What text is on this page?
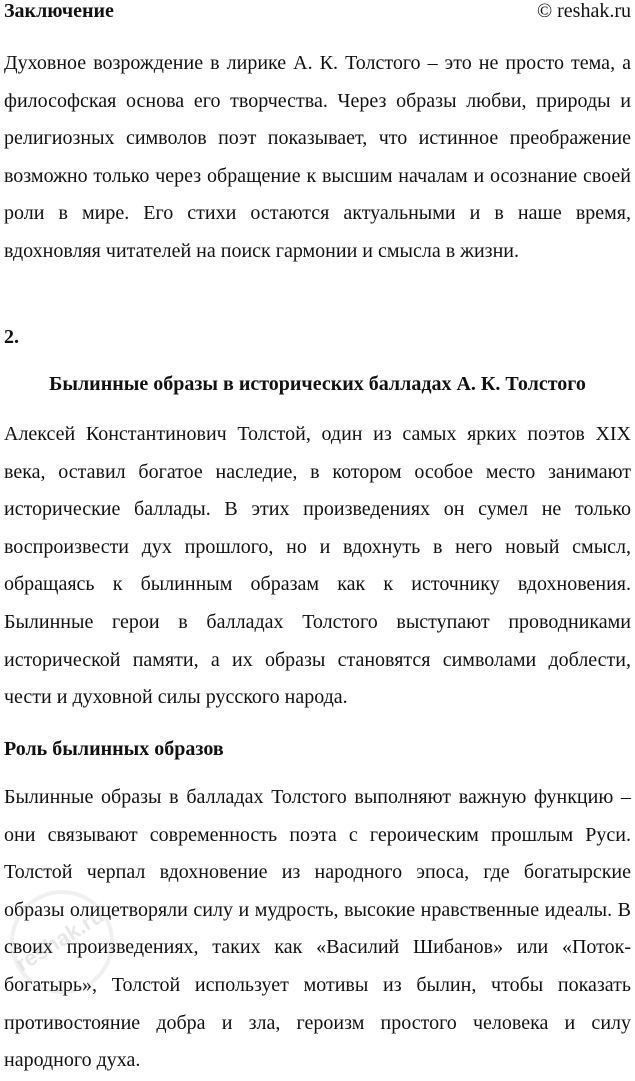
Заключение	© reshak.ru

Духовное возрождение в лирике А. К. Толстого – это не просто тема, а философская основа его творчества. Через образы любви, природы и религиозных символов поэт показывает, что истинное преображение возможно только через обращение к высшим началам и осознание своей роли в мире. Его стихи остаются актуальными и в наше время, вдохновляя читателей на поиск гармонии и смысла в жизни.

2.

Былинные образы в исторических балладах А. К. Толстого

Алексей Константинович Толстой, один из самых ярких поэтов XIX века, оставил богатое наследие, в котором особое место занимают исторические баллады. В этих произведениях он сумел не только воспроизвести дух прошлого, но и вдохнуть в него новый смысл, обращаясь к былинным образам как к источнику вдохновения. Былинные герои в балладах Толстого выступают проводниками исторической памяти, а их образы становятся символами доблести, чести и духовной силы русского народа.

Роль былинных образов

Былинные образы в балладах Толстого выполняют важную функцию – они связывают современность поэта с героическим прошлым Руси. Толстой черпал вдохновение из народного эпоса, где богатырские образы олицетворяли силу и мудрость, высокие нравственные идеалы. В своих произведениях, таких как «Василий Шибанов» или «Поток-богатырь», Толстой использует мотивы из былин, чтобы показать противостояние добра и зла, героизм простого человека и силу народного духа.

reshak.ru
